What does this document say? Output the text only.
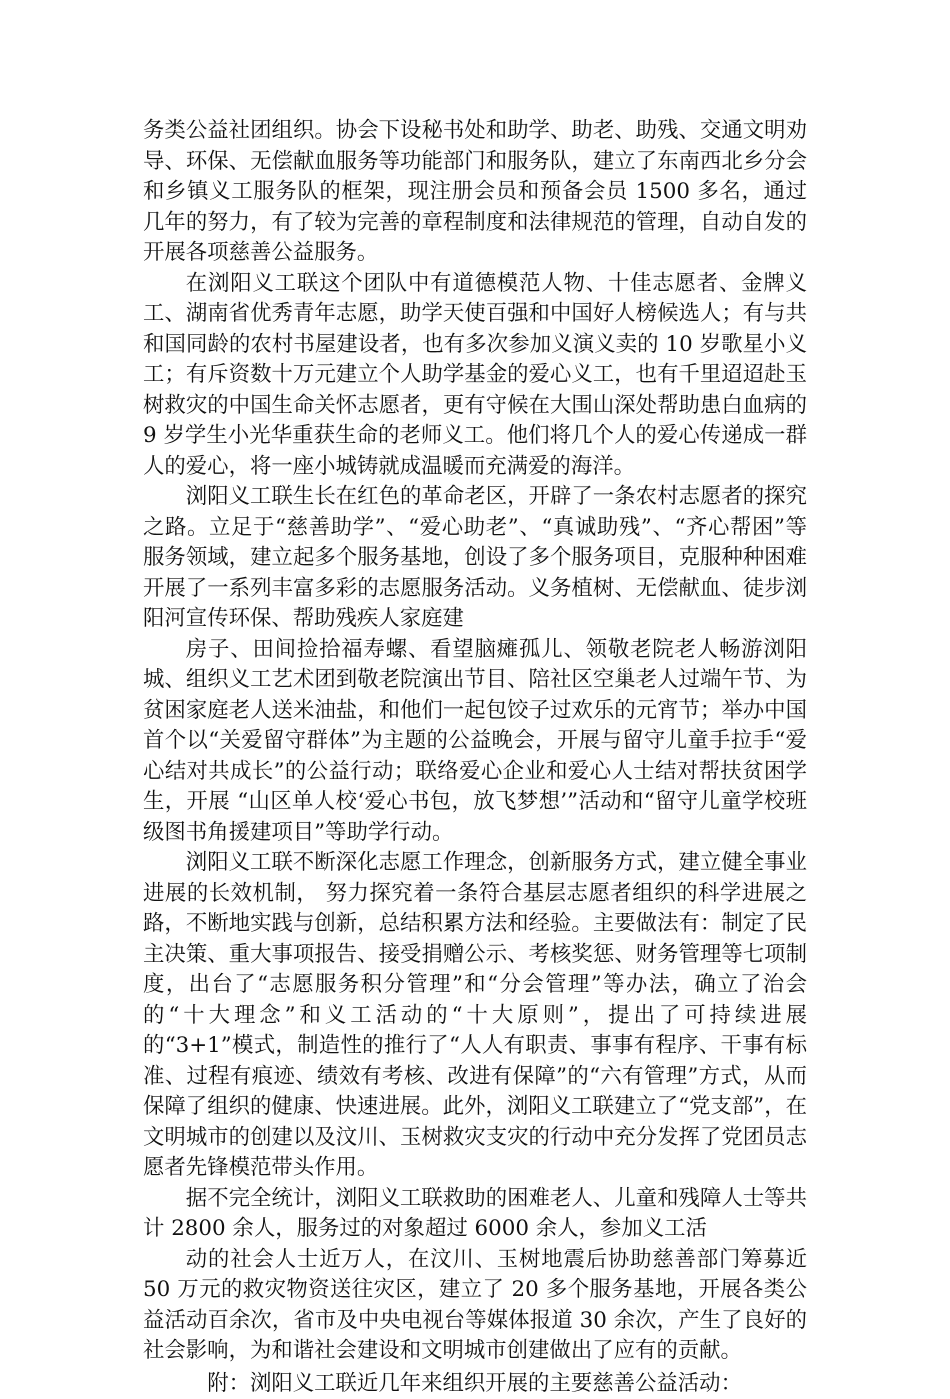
务类公益社团组织。协会下设秘书处和助学、助老、助残、交通文明劝导、环保、无偿献血服务等功能部门和服务队，建立了东南西北乡分会和乡镇义工服务队的框架，现注册会员和预备会员 1500 多名，通过几年的努力，有了较为完善的章程制度和法律规范的管理，自动自发的开展各项慈善公益服务。

在浏阳义工联这个团队中有道德模范人物、十佳志愿者、金牌义工、湖南省优秀青年志愿，助学天使百强和中国好人榜候选人；有与共和国同龄的农村书屋建设者，也有多次参加义演义卖的 10 岁歌星小义工；有斥资数十万元建立个人助学基金的爱心义工，也有千里迢迢赴玉树救灾的中国生命关怀志愿者，更有守候在大围山深处帮助患白血病的 9 岁学生小光华重获生命的老师义工。他们将几个人的爱心传递成一群人的爱心，将一座小城铸就成温暖而充满爱的海洋。

浏阳义工联生长在红色的革命老区，开辟了一条农村志愿者的探究之路。立足于“慈善助学”、“爱心助老”、“真诚助残”、“齐心帮困”等服务领域，建立起多个服务基地，创设了多个服务项目，克服种种困难开展了一系列丰富多彩的志愿服务活动。义务植树、无偿献血、徒步浏阳河宣传环保、帮助残疾人家庭建

房子、田间捡拾福寿螺、看望脑瘫孤儿、领敬老院老人畅游浏阳城、组织义工艺术团到敬老院演出节目、陪社区空巢老人过端午节、为贫困家庭老人送米油盐，和他们一起包饺子过欢乐的元宵节；举办中国首个以“关爱留守群体”为主题的公益晚会，开展与留守儿童手拉手“爱心结对共成长”的公益行动；联络爱心企业和爱心人士结对帮扶贫困学生，开展 “山区单人校‘爱心书包，放飞梦想’”活动和“留守儿童学校班级图书角援建项目”等助学行动。

浏阳义工联不断深化志愿工作理念，创新服务方式，建立健全事业进展的长效机制， 努力探究着一条符合基层志愿者组织的科学进展之路，不断地实践与创新，总结积累方法和经验。主要做法有：制定了民主决策、重大事项报告、接受捐赠公示、考核奖惩、财务管理等七项制度，出台了“志愿服务积分管理”和“分会管理”等办法，确立了治会的“十大理念”和义工活动的“十大原则”，提出了可持续进展的“3+1”模式，制造性的推行了“人人有职责、事事有程序、干事有标准、过程有痕迹、绩效有考核、改进有保障”的“六有管理”方式，从而保障了组织的健康、快速进展。此外，浏阳义工联建立了“党支部”，在文明城市的创建以及汶川、玉树救灾支灾的行动中充分发挥了党团员志愿者先锋模范带头作用。

据不完全统计，浏阳义工联救助的困难老人、儿童和残障人士等共计 2800 余人，服务过的对象超过 6000 余人，参加义工活

动的社会人士近万人，在汶川、玉树地震后协助慈善部门筹募近 50 万元的救灾物资送往灾区，建立了 20 多个服务基地，开展各类公益活动百余次，省市及中央电视台等媒体报道 30 余次，产生了良好的社会影响，为和谐社会建设和文明城市创建做出了应有的贡献。

附：浏阳义工联近几年来组织开展的主要慈善公益活动：
